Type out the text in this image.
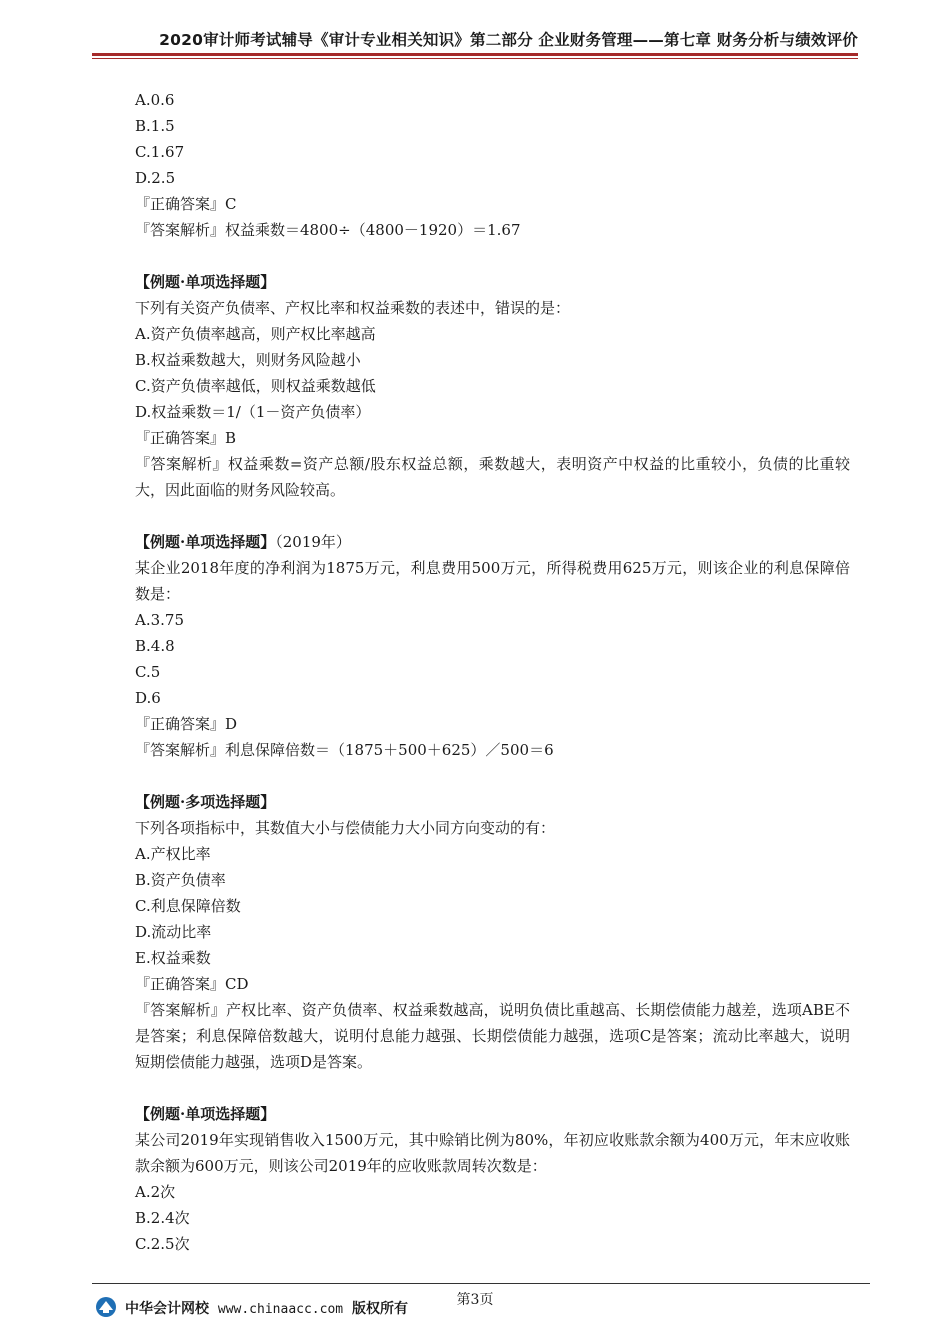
2020审计师考试辅导《审计专业相关知识》第二部分 企业财务管理——第七章 财务分析与绩效评价
A.0.6
B.1.5
C.1.67
D.2.5
『正确答案』C
『答案解析』权益乘数＝4800÷（4800－1920）＝1.67
【例题·单项选择题】
下列有关资产负债率、产权比率和权益乘数的表述中，错误的是：
A.资产负债率越高，则产权比率越高
B.权益乘数越大，则财务风险越小
C.资产负债率越低，则权益乘数越低
D.权益乘数＝1/（1－资产负债率）
『正确答案』B
『答案解析』权益乘数=资产总额/股东权益总额，乘数越大，表明资产中权益的比重较小，负债的比重较大，因此面临的财务风险较高。
【例题·单项选择题】（2019年）
某企业2018年度的净利润为1875万元，利息费用500万元，所得税费用625万元，则该企业的利息保障倍数是：
A.3.75
B.4.8
C.5
D.6
『正确答案』D
『答案解析』利息保障倍数＝（1875＋500＋625）／500＝6
【例题·多项选择题】
下列各项指标中，其数值大小与偿债能力大小同方向变动的有：
A.产权比率
B.资产负债率
C.利息保障倍数
D.流动比率
E.权益乘数
『正确答案』CD
『答案解析』产权比率、资产负债率、权益乘数越高，说明负债比重越高、长期偿债能力越差，选项ABE不是答案；利息保障倍数越大，说明付息能力越强、长期偿债能力越强，选项C是答案；流动比率越大，说明短期偿债能力越强，选项D是答案。
【例题·单项选择题】
某公司2019年实现销售收入1500万元，其中赊销比例为80%，年初应收账款余额为400万元，年末应收账款余额为600万元，则该公司2019年的应收账款周转次数是：
A.2次
B.2.4次
C.2.5次
第3页
中华会计网校 www.chinaacc.com 版权所有
